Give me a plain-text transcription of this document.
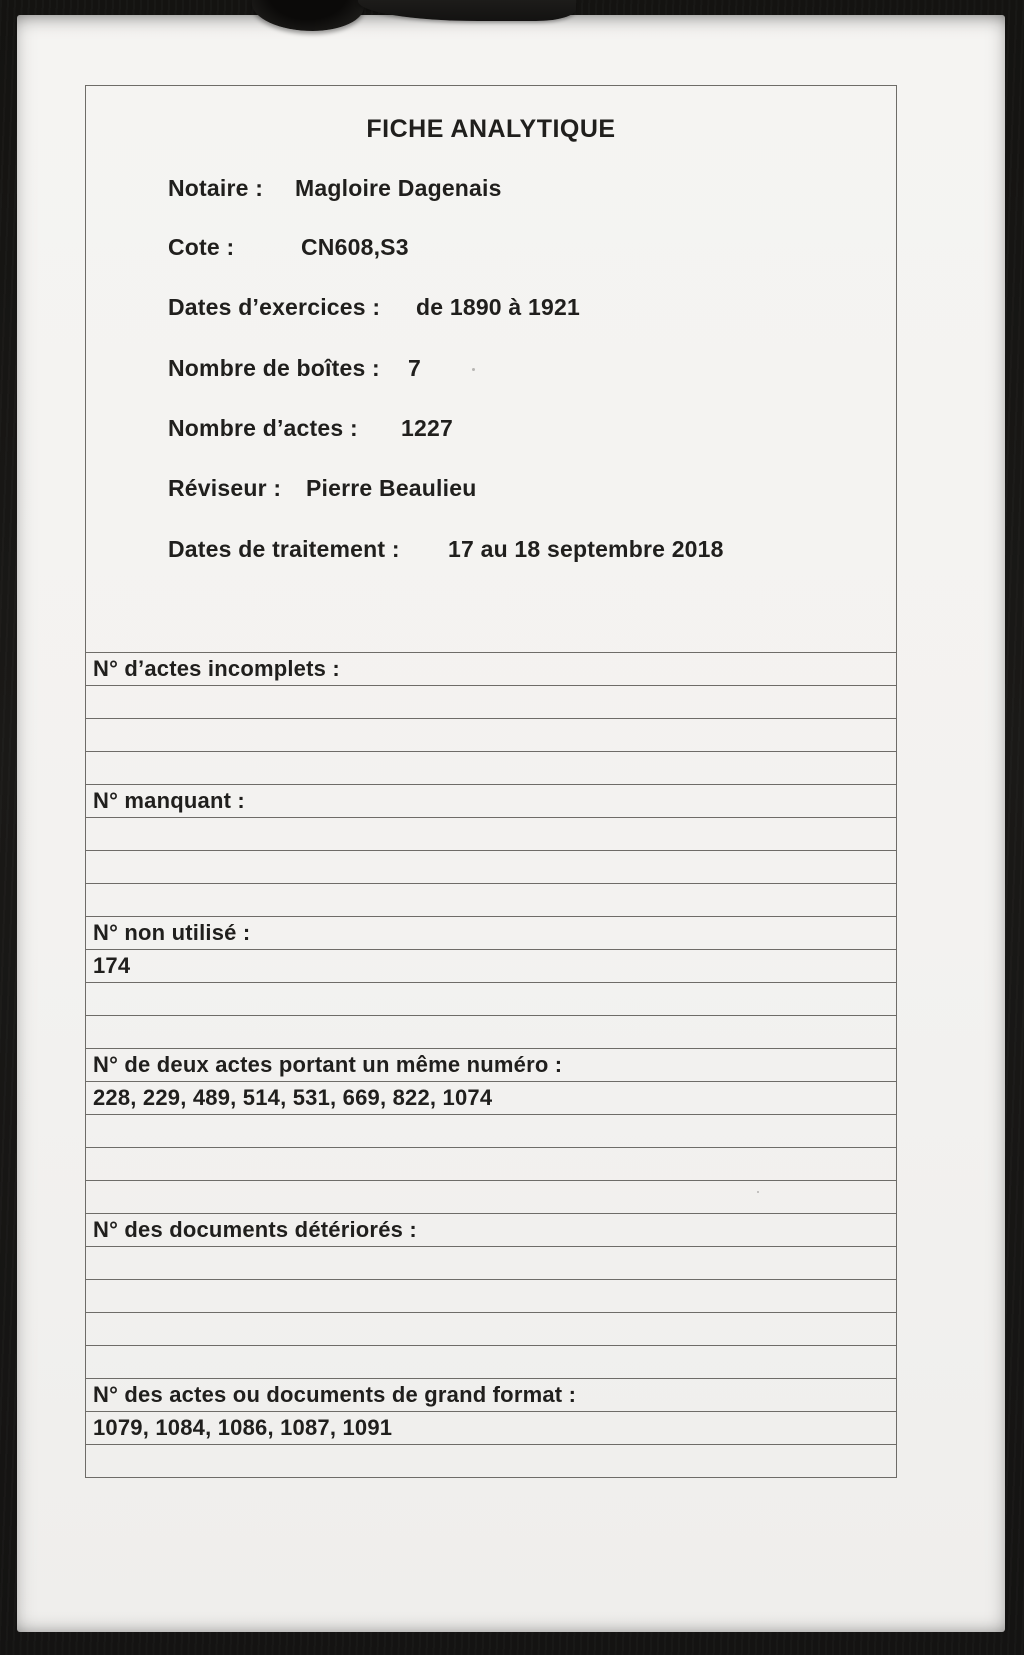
FICHE ANALYTIQUE
Notaire : Magloire Dagenais
Cote :	CN608,S3
Dates d’exercices : de 1890 à 1921
Nombre de boîtes : 7
Nombre d’actes : 1227
Réviseur : Pierre Beaulieu
Dates de traitement : 17 au 18 septembre 2018
N° d’actes incomplets :
N° manquant :
N° non utilisé :
174
N° de deux actes portant un même numéro :
228, 229, 489, 514, 531, 669, 822, 1074
N° des documents détériorés :
N° des actes ou documents de grand format :
1079, 1084, 1086, 1087, 1091
